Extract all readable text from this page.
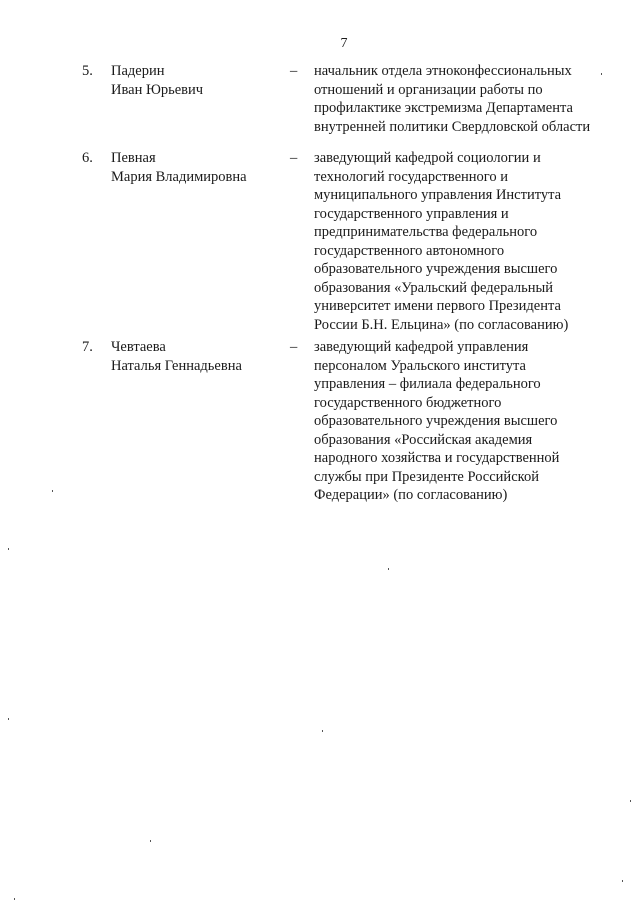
7
5. Падерин
Иван Юрьевич
– начальник отдела этноконфессиональных
отношений и организации работы по
профилактике экстремизма Департамента
внутренней политики Свердловской области
6. Певная
Мария Владимировна
– заведующий кафедрой социологии и
технологий государственного и
муниципального управления Института
государственного управления и
предпринимательства федерального
государственного автономного
образовательного учреждения высшего
образования «Уральский федеральный
университет имени первого Президента
России Б.Н. Ельцина» (по согласованию)
7. Чевтаева
Наталья Геннадьевна
– заведующий кафедрой управления
персоналом Уральского института
управления – филиала федерального
государственного бюджетного
образовательного учреждения высшего
образования «Российская академия
народного хозяйства и государственной
службы при Президенте Российской
Федерации» (по согласованию)
